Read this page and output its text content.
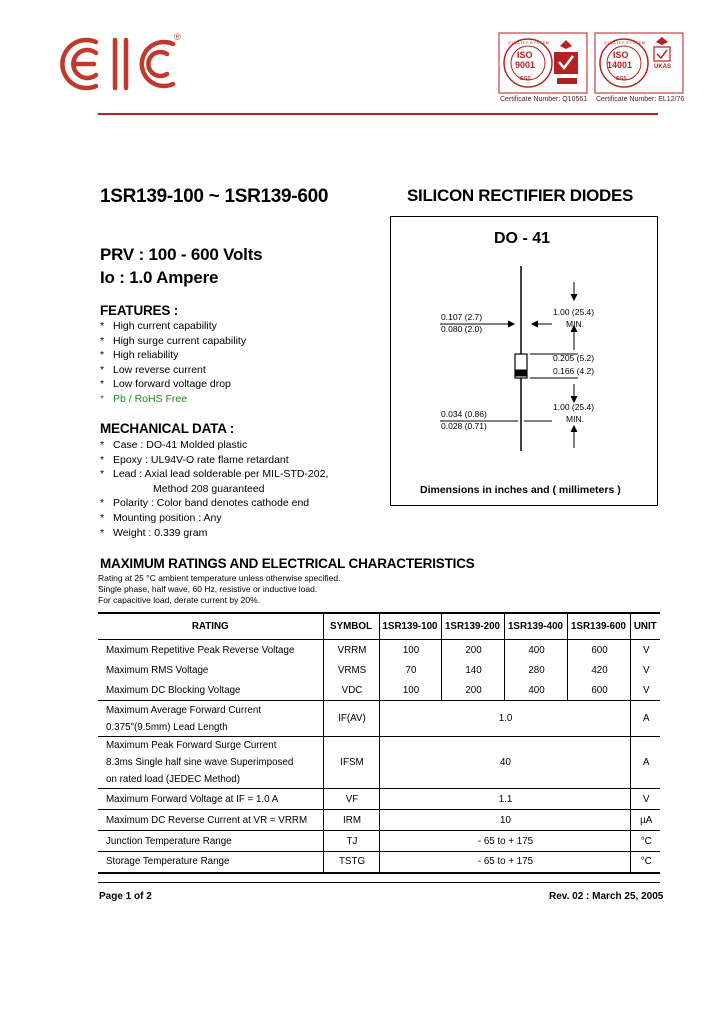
®
ISO
9001
QUALITY SYSTEM
SGS
Certificate Number: Q10561
ISO
14001
QUALITY SYSTEM
SGS
UKAS
Certificate Number: EL12/76
1SR139-100 ~ 1SR139-600	SILICON RECTIFIER DIODES
PRV : 100 - 600 Volts
Io : 1.0 Ampere
FEATURES :
* High current capability
* High surge current capability
* High reliability
* Low reverse current
* Low forward voltage drop
* Pb / RoHS Free
MECHANICAL DATA :
* Case : DO-41 Molded plastic
* Epoxy : UL94V-O rate flame retardant
* Lead : Axial lead solderable per MIL-STD-202,
Method 208 guaranteed
* Polarity : Color band denotes cathode end
* Mounting position : Any
* Weight : 0.339 gram
DO - 41
0.107 (2.7)
0.080 (2.0)
1.00 (25.4)
MIN.
0.205 (5.2)
0.166 (4.2)
0.034 (0.86)
0.028 (0.71)
1.00 (25.4)
MIN.
Dimensions in inches and ( millimeters )
MAXIMUM RATINGS AND ELECTRICAL CHARACTERISTICS
Rating at 25 °C ambient temperature unless otherwise specified.
Single phase, half wave, 60 Hz, resistive or inductive load.
For capacitive load, derate current by 20%.
RATING	SYMBOL	1SR139-100	1SR139-200	1SR139-400	1SR139-600	UNIT
Maximum Repetitive Peak Reverse Voltage	VRRM	100	200	400	600	V
Maximum RMS Voltage	VRMS	70	140	280	420	V
Maximum DC Blocking Voltage	VDC	100	200	400	600	V

Maximum Average Forward Current
0.375"(9.5mm) Lead Length	IF(AV)	1.0				A

Maximum Peak Forward Surge Current
8.3ms Single half sine wave Superimposed
on rated load (JEDEC Method)	IFSM	40				A
Maximum Forward Voltage at IF = 1.0 A	VF	1.1				V
Maximum DC Reverse Current at VR = VRRM	IRM	10				µA
Junction Temperature Range	TJ	- 65 to + 175				°C
Storage Temperature Range	TSTG	- 65 to + 175				°C
Page 1 of 2	Rev. 02 : March 25, 2005
